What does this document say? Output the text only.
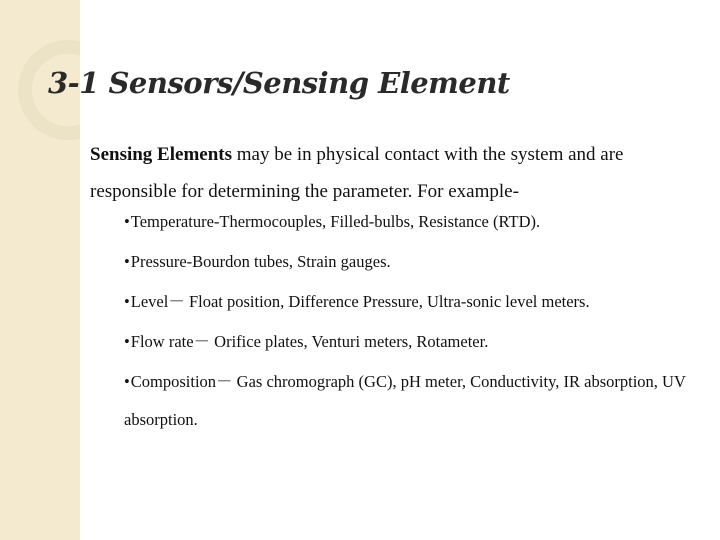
3-1 Sensors/Sensing Element
Sensing Elements may be in physical contact with the system and are responsible for determining the parameter. For example-
•Temperature-Thermocouples, Filled-bulbs, Resistance (RTD).
•Pressure-Bourdon tubes, Strain gauges.
•Level－ Float position, Difference Pressure, Ultra-sonic level meters.
•Flow rate－ Orifice plates, Venturi meters, Rotameter.
•Composition－ Gas chromograph (GC), pH meter, Conductivity, IR absorption, UV absorption.
